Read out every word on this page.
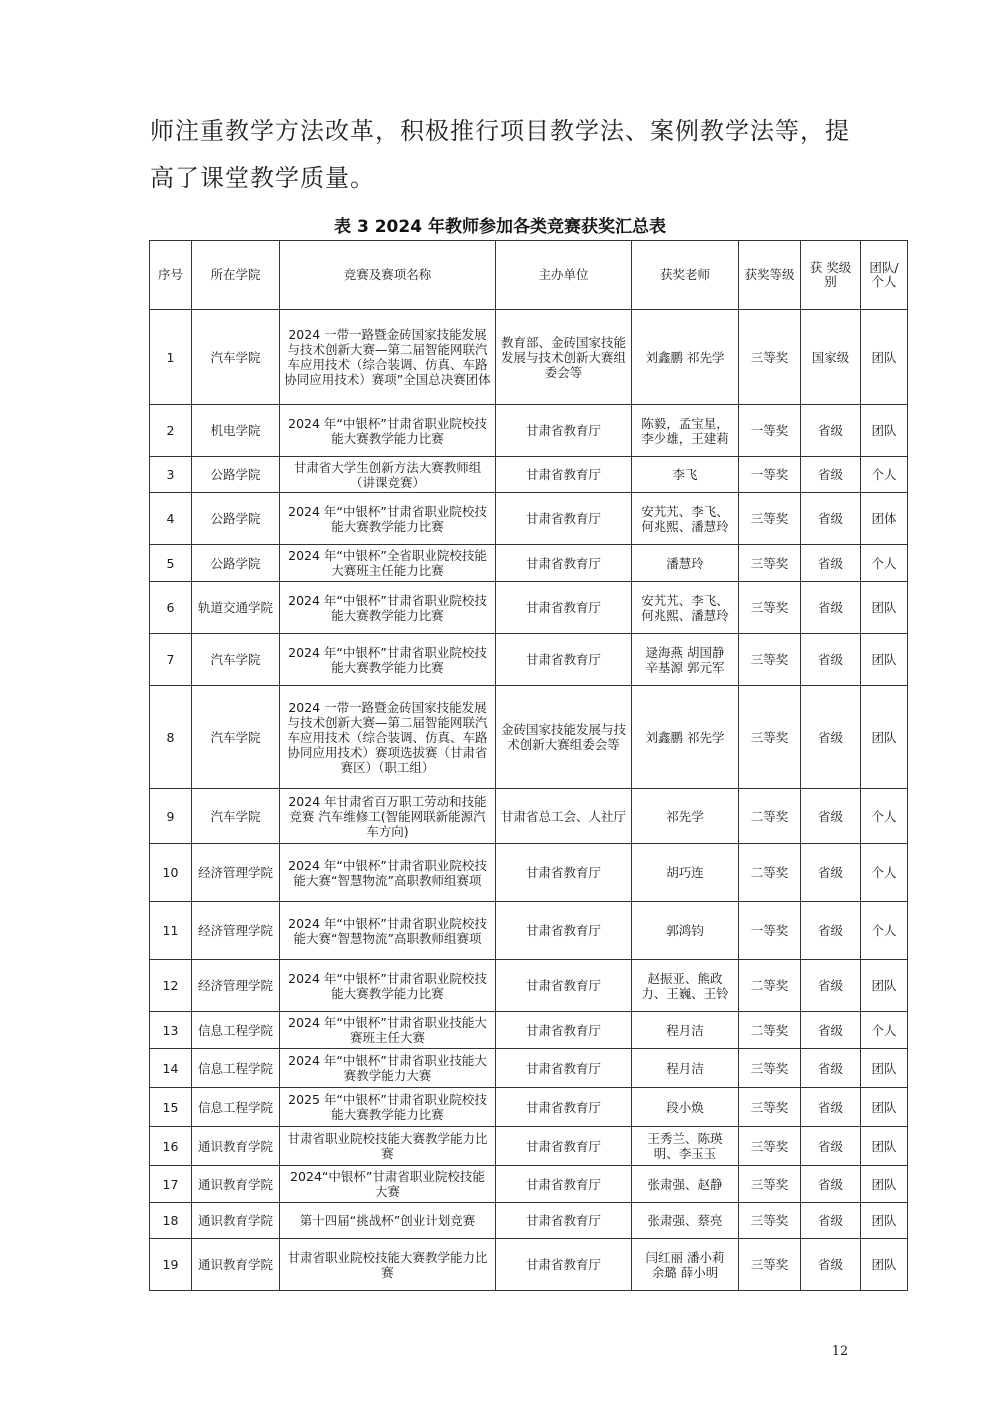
师注重教学方法改革，积极推行项目教学法、案例教学法等，提
高了课堂教学质量。
表 3 2024 年教师参加各类竞赛获奖汇总表
序号	所在学院	竞赛及赛项名称	主办单位	获奖老师	获奖等级	获 奖级别	团队/个人
1	汽车学院	2024 一带一路暨金砖国家技能发展与技术创新大赛—第二届智能网联汽车应用技术（综合装调、仿真、车路协同应用技术）赛项”全国总决赛团体	教育部、金砖国家技能发展与技术创新大赛组委会等	刘鑫鹏 祁先学	三等奖	国家级	团队
2	机电学院	2024 年“中银杯”甘肃省职业院校技能大赛教学能力比赛	甘肃省教育厅	陈毅，孟宝星，李少雄，王建莉	一等奖	省级	团队
3	公路学院	甘肃省大学生创新方法大赛教师组（讲课竞赛）	甘肃省教育厅	李飞	一等奖	省级	个人
4	公路学院	2024 年“中银杯”甘肃省职业院校技能大赛教学能力比赛	甘肃省教育厅	安艽艽、李飞、何兆熙、潘慧玲	三等奖	省级	团体
5	公路学院	2024 年“中银杯”全省职业院校技能大赛班主任能力比赛	甘肃省教育厅	潘慧玲	三等奖	省级	个人
6	轨道交通学院	2024 年“中银杯”甘肃省职业院校技能大赛教学能力比赛	甘肃省教育厅	安艽艽、李飞、何兆熙、潘慧玲	三等奖	省级	团队
7	汽车学院	2024 年“中银杯”甘肃省职业院校技能大赛教学能力比赛	甘肃省教育厅	逯海燕 胡国静 辛基源 郭元军	三等奖	省级	团队
8	汽车学院	2024 一带一路暨金砖国家技能发展与技术创新大赛—第二届智能网联汽车应用技术（综合装调、仿真、车路协同应用技术）赛项选拔赛（甘肃省赛区）（职工组）	金砖国家技能发展与技术创新大赛组委会等	刘鑫鹏 祁先学	三等奖	省级	团队
9	汽车学院	2024 年甘肃省百万职工劳动和技能竞赛 汽车维修工(智能网联新能源汽车方向)	甘肃省总工会、人社厅	祁先学	二等奖	省级	个人
10	经济管理学院	2024 年“中银杯”甘肃省职业院校技能大赛“智慧物流”高职教师组赛项	甘肃省教育厅	胡巧连	二等奖	省级	个人
11	经济管理学院	2024 年“中银杯”甘肃省职业院校技能大赛“智慧物流”高职教师组赛项	甘肃省教育厅	郭鸿钧	一等奖	省级	个人
12	经济管理学院	2024 年“中银杯”甘肃省职业院校技能大赛教学能力比赛	甘肃省教育厅	赵振亚、熊政力、王巍、王铃	二等奖	省级	团队
13	信息工程学院	2024 年“中银杯”甘肃省职业技能大赛班主任大赛	甘肃省教育厅	程月洁	二等奖	省级	个人
14	信息工程学院	2024 年“中银杯”甘肃省职业技能大赛教学能力大赛	甘肃省教育厅	程月洁	三等奖	省级	团队
15	信息工程学院	2025 年“中银杯”甘肃省职业院校技能大赛教学能力比赛	甘肃省教育厅	段小焕	三等奖	省级	团队
16	通识教育学院	甘肃省职业院校技能大赛教学能力比赛	甘肃省教育厅	王秀兰、陈瑛明、李玉玉	三等奖	省级	团队
17	通识教育学院	2024“中银杯”甘肃省职业院校技能大赛	甘肃省教育厅	张肃强、赵静	三等奖	省级	团队
18	通识教育学院	第十四届“挑战杯”创业计划竞赛	甘肃省教育厅	张肃强、蔡亮	三等奖	省级	团队
19	通识教育学院	甘肃省职业院校技能大赛教学能力比赛	甘肃省教育厅	闫红丽 潘小莉 余璐 薛小明	三等奖	省级	团队
12
